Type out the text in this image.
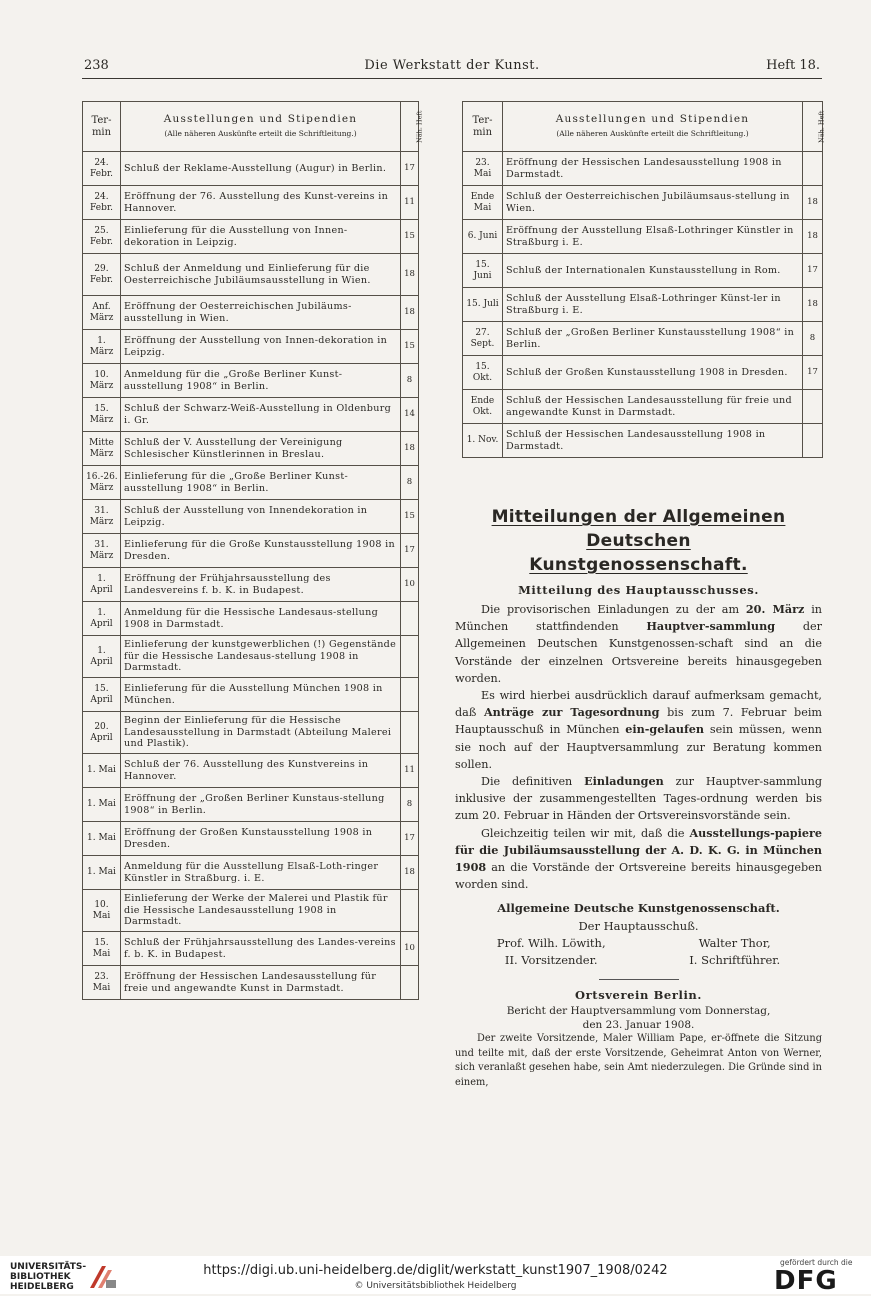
238	Die Werkstatt der Kunst.	Heft 18.
Ter- min	Ausstellungen und Stipendien
(Alle näheren Auskünfte erteilt die Schriftleitung.)	Näh. Heft
24. Febr.	Schluß der Reklame-Ausstellung (Augur) in Berlin.	17
24. Febr.	Eröffnung der 76. Ausstellung des Kunst-vereins in Hannover.	11
25. Febr.	Einlieferung für die Ausstellung von Innen-dekoration in Leipzig.	15
29. Febr.	Schluß der Anmeldung und Einlieferung für die Oesterreichische Jubiläumsausstellung in Wien.	18
Anf. März	Eröffnung der Oesterreichischen Jubiläums-ausstellung in Wien.	18
1. März	Eröffnung der Ausstellung von Innen-dekoration in Leipzig.	15
10. März	Anmeldung für die „Große Berliner Kunst-ausstellung 1908“ in Berlin.	8
15. März	Schluß der Schwarz-Weiß-Ausstellung in Oldenburg i. Gr.	14
Mitte März	Schluß der V. Ausstellung der Vereinigung Schlesischer Künstlerinnen in Breslau.	18
16.-26. März	Einlieferung für die „Große Berliner Kunst-ausstellung 1908“ in Berlin.	8
31. März	Schluß der Ausstellung von Innendekoration in Leipzig.	15
31. März	Einlieferung für die Große Kunstausstellung 1908 in Dresden.	17
1. April	Eröffnung der Frühjahrsausstellung des Landesvereins f. b. K. in Budapest.	10
1. April	Anmeldung für die Hessische Landesaus-stellung 1908 in Darmstadt.	
1. April	Einlieferung der kunstgewerblichen (!) Gegenstände für die Hessische Landesaus-stellung 1908 in Darmstadt.	
15. April	Einlieferung für die Ausstellung München 1908 in München.	
20. April	Beginn der Einlieferung für die Hessische Landesausstellung in Darmstadt (Abteilung Malerei und Plastik).	
1. Mai	Schluß der 76. Ausstellung des Kunstvereins in Hannover.	11
1. Mai	Eröffnung der „Großen Berliner Kunstaus-stellung 1908“ in Berlin.	8
1. Mai	Eröffnung der Großen Kunstausstellung 1908 in Dresden.	17
1. Mai	Anmeldung für die Ausstellung Elsaß-Loth-ringer Künstler in Straßburg. i. E.	18
10. Mai	Einlieferung der Werke der Malerei und Plastik für die Hessische Landesausstellung 1908 in Darmstadt.	
15. Mai	Schluß der Frühjahrsausstellung des Landes-vereins f. b. K. in Budapest.	10
23. Mai	Eröffnung der Hessischen Landesausstellung für freie und angewandte Kunst in Darmstadt.	
Ter- min	Ausstellungen und Stipendien
(Alle näheren Auskünfte erteilt die Schriftleitung.)	Näh. Heft
23. Mai	Eröffnung der Hessischen Landesausstellung 1908 in Darmstadt.	
Ende Mai	Schluß der Oesterreichischen Jubiläumsaus-stellung in Wien.	18
6. Juni	Eröffnung der Ausstellung Elsaß-Lothringer Künstler in Straßburg i. E.	18
15. Juni	Schluß der Internationalen Kunstausstellung in Rom.	17
15. Juli	Schluß der Ausstellung Elsaß-Lothringer Künst-ler in Straßburg i. E.	18
27. Sept.	Schluß der „Großen Berliner Kunstausstellung 1908“ in Berlin.	8
15. Okt.	Schluß der Großen Kunstausstellung 1908 in Dresden.	17
Ende Okt.	Schluß der Hessischen Landesausstellung für freie und angewandte Kunst in Darmstadt.	
1. Nov.	Schluß der Hessischen Landesausstellung 1908 in Darmstadt.	
Mitteilungen der Allgemeinen Deutschen
Kunstgenossenschaft.
Mitteilung des Hauptausschusses.

Die provisorischen Einladungen zu der am 20. März in München stattfindenden Hauptver-sammlung der Allgemeinen Deutschen Kunstgenossen-schaft sind an die Vorstände der einzelnen Ortsvereine bereits hinausgegeben worden.

Es wird hierbei ausdrücklich darauf aufmerksam gemacht, daß Anträge zur Tagesordnung bis zum 7. Februar beim Hauptausschuß in München ein-gelaufen sein müssen, wenn sie noch auf der Hauptversammlung zur Beratung kommen sollen.

Die definitiven Einladungen zur Hauptver-sammlung inklusive der zusammengestellten Tages-ordnung werden bis zum 20. Februar in Händen der Ortsvereinsvorstände sein.

Gleichzeitig teilen wir mit, daß die Ausstellungs-papiere für die Jubiläumsausstellung der A. D. K. G. in München 1908 an die Vorstände der Ortsvereine bereits hinausgegeben worden sind.

Allgemeine Deutsche Kunstgenossenschaft.
Der Hauptausschuß.
Prof. Wilh. Löwith,
II. Vorsitzender.
Walter Thor,
I. Schriftführer.
Ortsverein Berlin.
Bericht der Hauptversammlung vom Donnerstag,
den 23. Januar 1908.

Der zweite Vorsitzende, Maler William Pape, er-öffnete die Sitzung und teilte mit, daß der erste Vorsitzende, Geheimrat Anton von Werner, sich veranlaßt gesehen habe, sein Amt niederzulegen. Die Gründe sind in einem,

UNIVERSITÄTS-
BIBLIOTHEK
HEIDELBERG
https://digi.ub.uni-heidelberg.de/diglit/werkstatt_kunst1907_1908/0242
© Universitätsbibliothek Heidelberg
gefördert durch die
DFG
